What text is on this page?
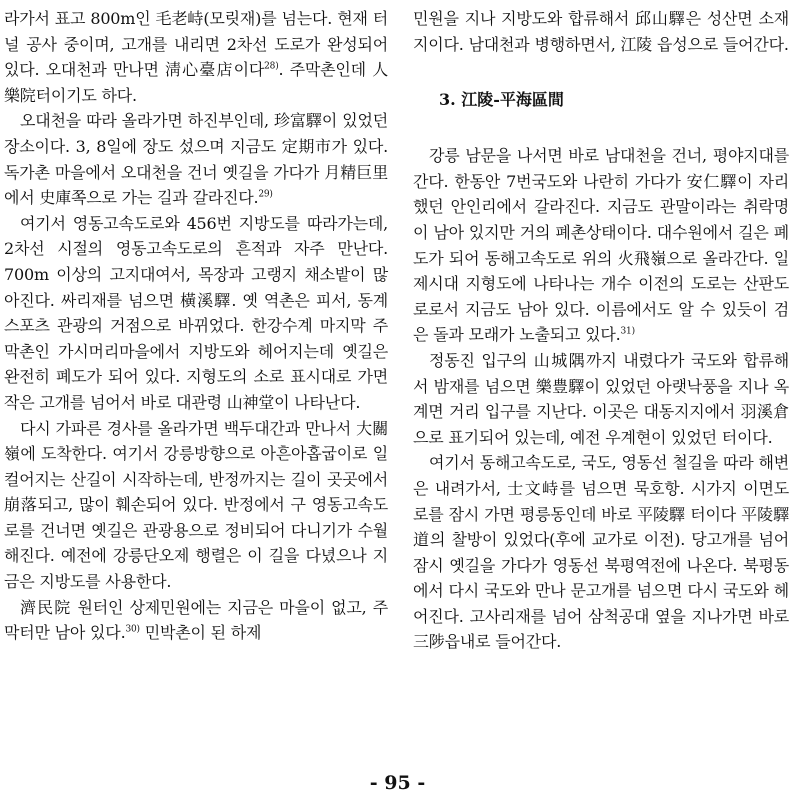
라가서 표고 800m인 毛老峙(모릿재)를 넘는다. 현재 터널 공사 중이며, 고개를 내리면 2차선 도로가 완성되어 있다. 오대천과 만나면 淸心臺店이다$^{28)}$. 주막촌인데 人樂院터이기도 하다.

오대천을 따라 올라가면 하진부인데, 珍富驛이 있었던 장소이다. 3, 8일에 장도 섰으며 지금도 定期市가 있다. 독가촌 마을에서 오대천을 건너 옛길을 가다가 月精巨里에서 史庫쪽으로 가는 길과 갈라진다.$^{29)}$

여기서 영동고속도로와 456번 지방도를 따라가는데, 2차선 시절의 영동고속도로의 흔적과 자주 만난다. 700m 이상의 고지대여서, 목장과 고랭지 채소밭이 많아진다. 싸리재를 넘으면 橫溪驛. 옛 역촌은 피서, 동계스포츠 관광의 거점으로 바뀌었다. 한강수계 마지막 주막촌인 가시머리마을에서 지방도와 헤어지는데 옛길은 완전히 폐도가 되어 있다. 지형도의 소로 표시대로 가면 작은 고개를 넘어서 바로 대관령 山神堂이 나타난다.

다시 가파른 경사를 올라가면 백두대간과 만나서 大關嶺에 도착한다. 여기서 강릉방향으로 아흔아홉굽이로 일컬어지는 산길이 시작하는데, 반정까지는 길이 곳곳에서 崩落되고, 많이 훼손되어 있다. 반정에서 구 영동고속도로를 건너면 옛길은 관광용으로 정비되어 다니기가 수월해진다. 예전에 강릉단오제 행렬은 이 길을 다녔으나 지금은 지방도를 사용한다.

濟民院 원터인 상제민원에는 지금은 마을이 없고, 주막터만 남아 있다.$^{30)}$ 민박촌이 된 하제

민원을 지나 지방도와 합류해서 邱山驛은 성산면 소재지이다. 남대천과 병행하면서, 江陵 읍성으로 들어간다.

3. 江陵-平海區間

강릉 남문을 나서면 바로 남대천을 건너, 평야지대를 간다. 한동안 7번국도와 나란히 가다가 安仁驛이 자리했던 안인리에서 갈라진다. 지금도 관말이라는 취락명이 남아 있지만 거의 폐촌상태이다. 대수원에서 길은 폐도가 되어 동해고속도로 위의 火飛嶺으로 올라간다. 일제시대 지형도에 나타나는 개수 이전의 도로는 산판도로로서 지금도 남아 있다. 이름에서도 알 수 있듯이 검은 돌과 모래가 노출되고 있다.$^{31)}$

정동진 입구의 山城隅까지 내렸다가 국도와 합류해서 밤재를 넘으면 樂豊驛이 있었던 아랫낙풍을 지나 옥계면 거리 입구를 지난다. 이곳은 대동지지에서 羽溪倉으로 표기되어 있는데, 예전 우계현이 있었던 터이다.

여기서 동해고속도로, 국도, 영동선 철길을 따라 해변은 내려가서, 士文峙를 넘으면 묵호항. 시가지 이면도로를 잠시 가면 평릉동인데 바로 平陵驛 터이다 平陵驛道의 찰방이 있었다(후에 교가로 이전). 당고개를 넘어 잠시 옛길을 가다가 영동선 북평역전에 나온다. 북평동에서 다시 국도와 만나 문고개를 넘으면 다시 국도와 헤어진다. 고사리재를 넘어 삼척공대 옆을 지나가면 바로 三陟읍내로 들어간다.

- 95 -
